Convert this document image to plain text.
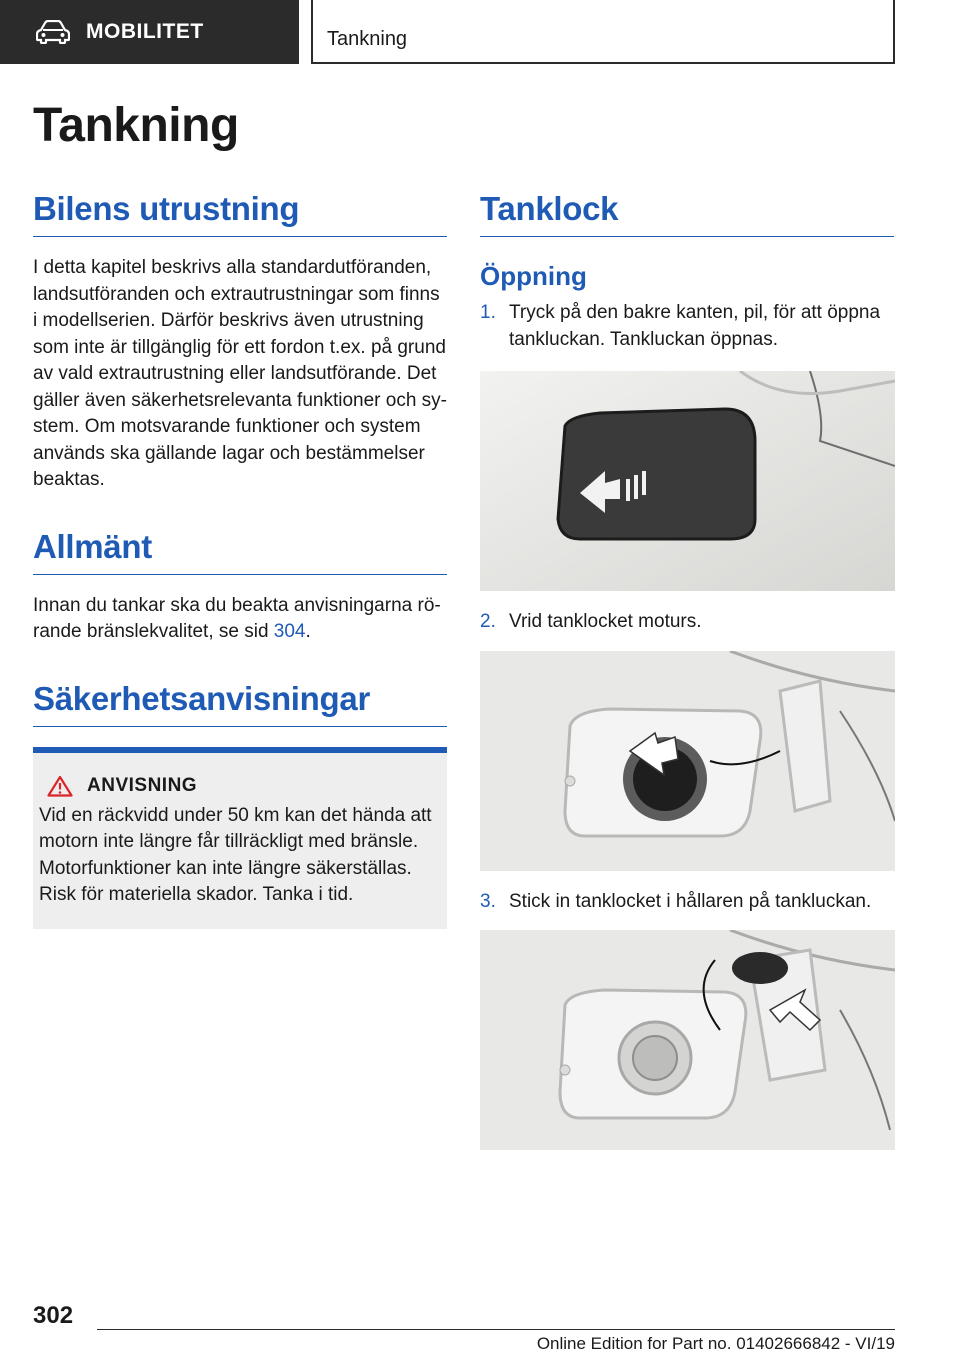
MOBILITET	Tankning
Tankning
Bilens utrustning

I detta kapitel beskrivs alla standardutföranden,
landsutföranden och extrautrustningar som finns
i modellserien. Därför beskrivs även utrustning
som inte är tillgänglig för ett fordon t.ex. på grund
av vald extrautrustning eller landsutförande. Det
gäller även säkerhetsrelevanta funktioner och sy-
stem. Om motsvarande funktioner och system
används ska gällande lagar och bestämmelser
beaktas.

Allmänt

Innan du tankar ska du beakta anvisningarna rö-
rande bränslekvalitet, se sid 304.

Säkerhetsanvisningar
ANVISNING

Vid en räckvidd under 50 km kan det hända att
motorn inte längre får tillräckligt med bränsle.
Motorfunktioner kan inte längre säkerställas.
Risk för materiella skador. Tanka i tid.

Tanklock
Öppning
1. Tryck på den bakre kanten, pil, för att öppna
tankluckan. Tankluckan öppnas.
2. Vrid tanklocket moturs.
3. Stick in tanklocket i hållaren på tankluckan.
302
Online Edition for Part no. 01402666842 - VI/19
